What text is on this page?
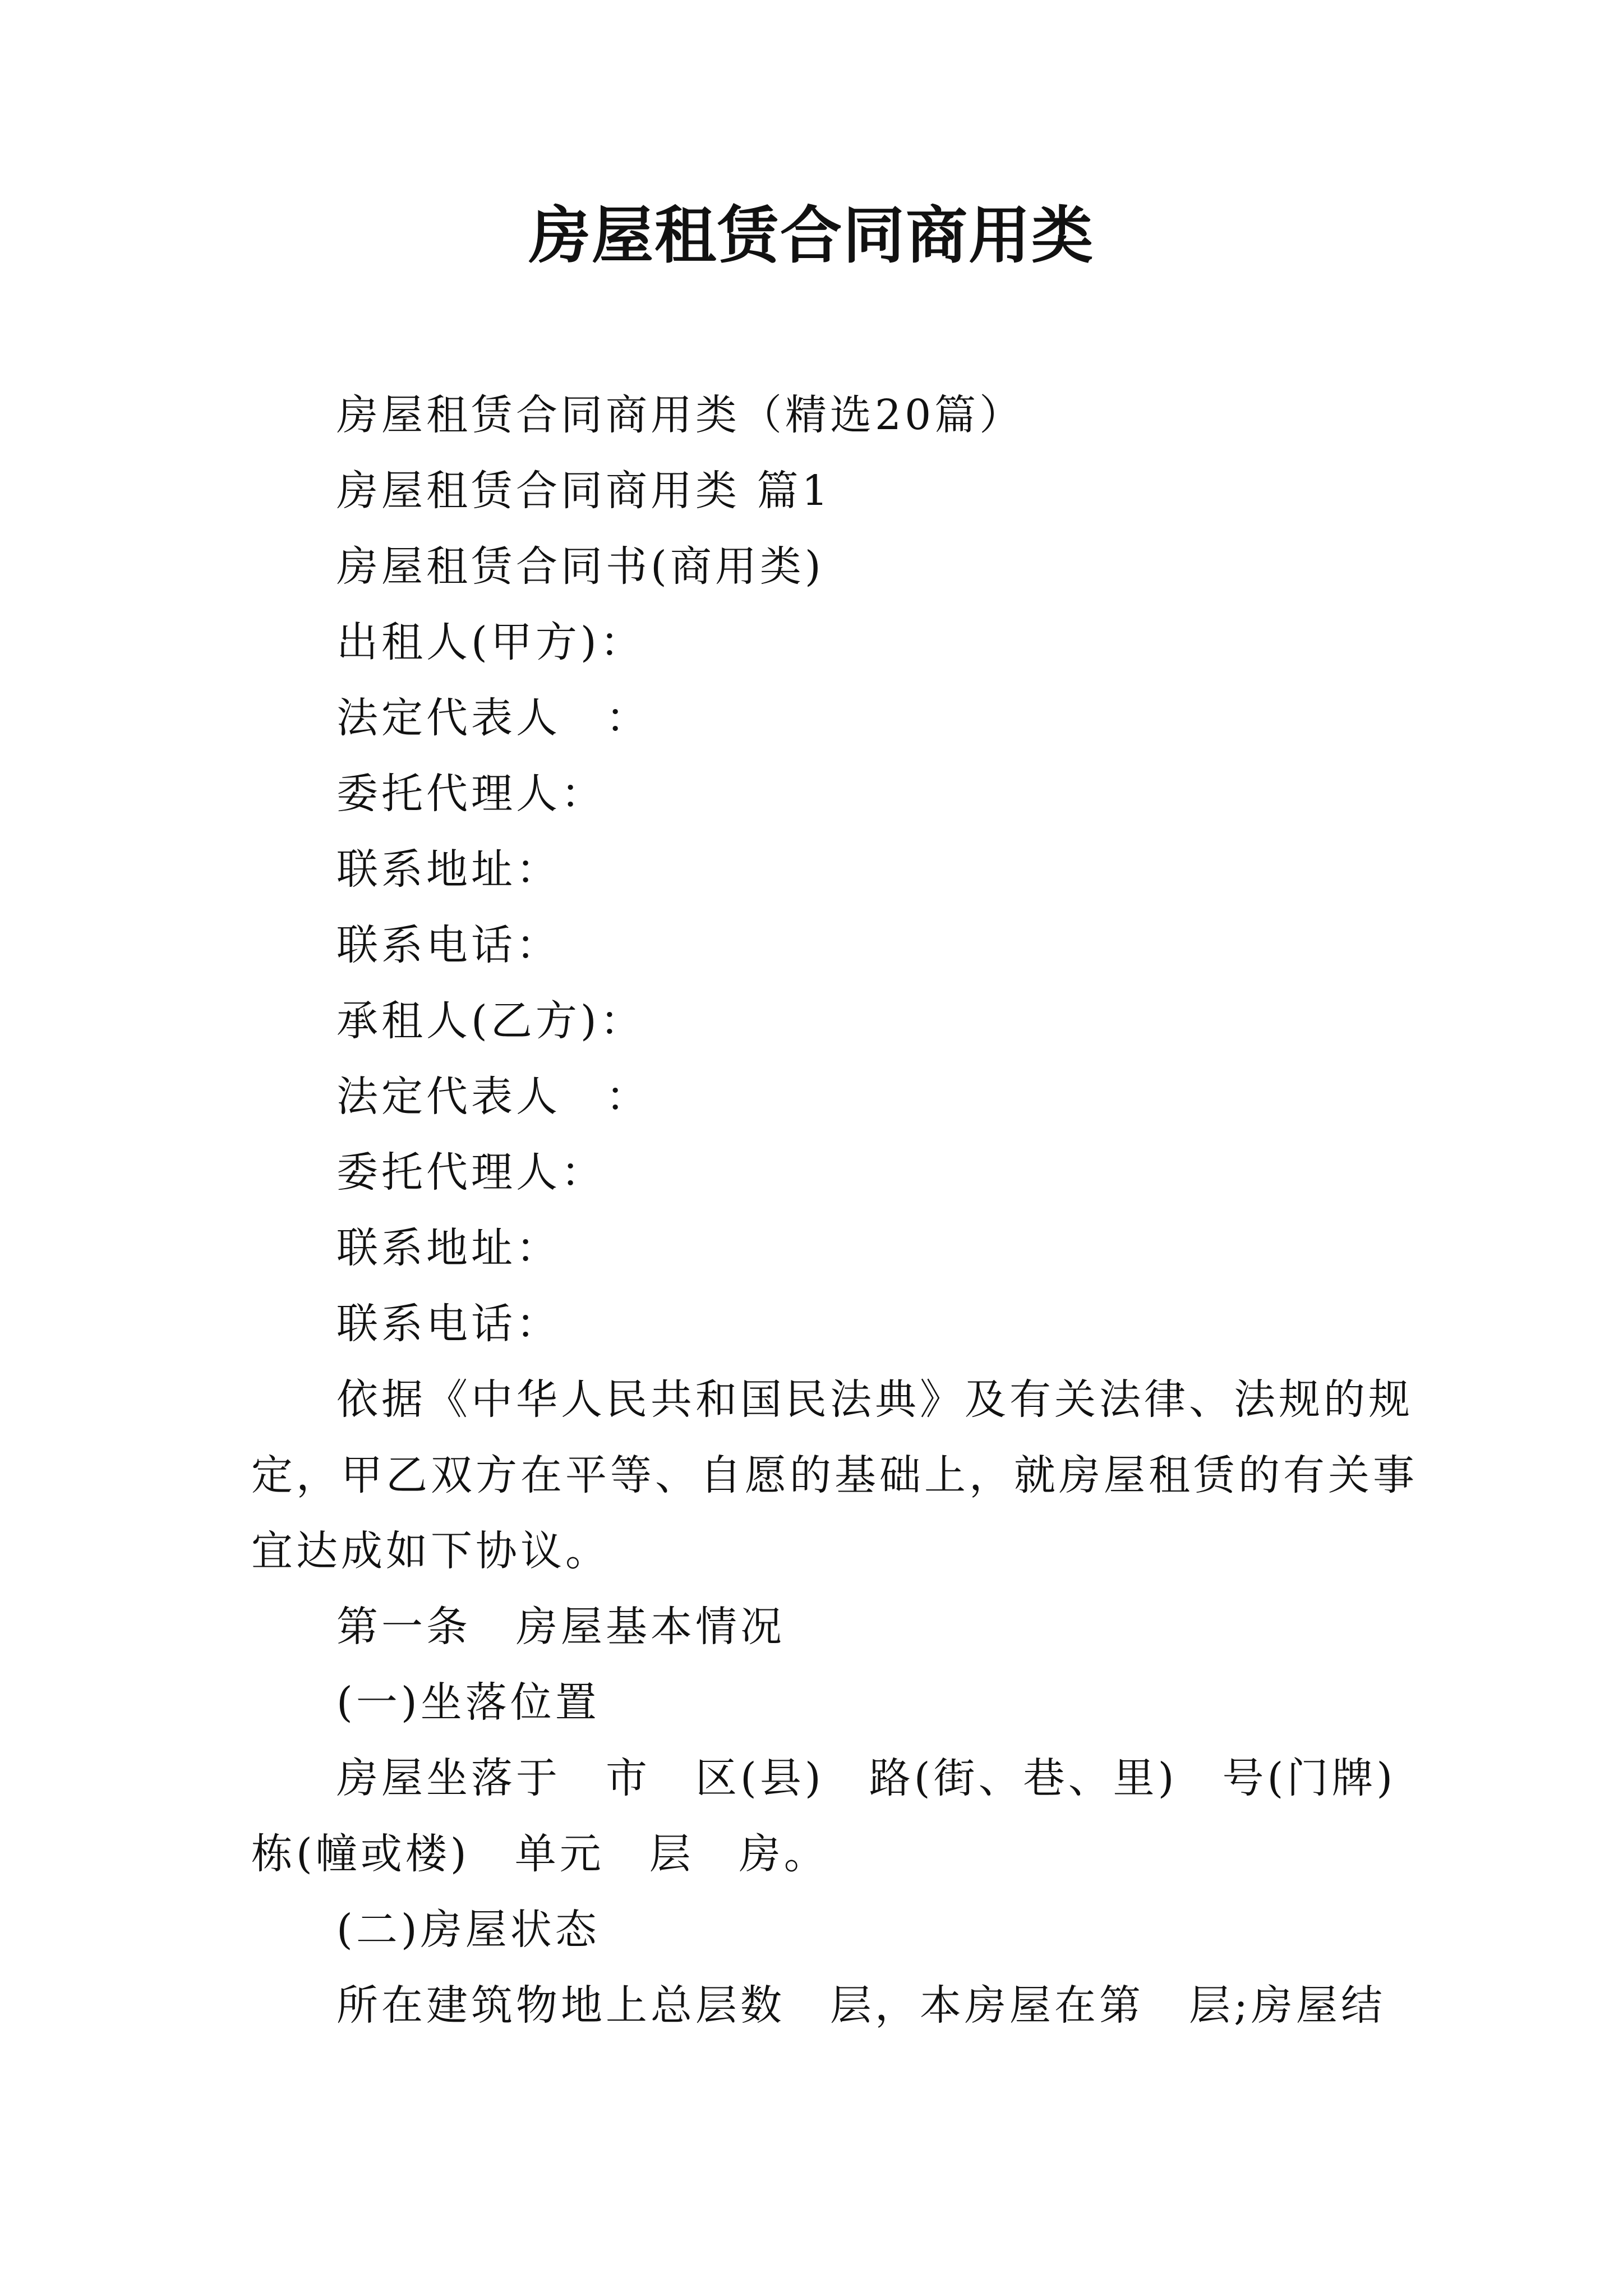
房屋租赁合同商用类
房屋租赁合同商用类（精选20篇）
房屋租赁合同商用类 篇1
房屋租赁合同书(商用类)
出租人(甲方)：
法定代表人　：
委托代理人：
联系地址：
联系电话：
承租人(乙方)：
法定代表人　：
委托代理人：
联系地址：
联系电话：
依据《中华人民共和国民法典》及有关法律、法规的规
定，甲乙双方在平等、自愿的基础上，就房屋租赁的有关事
宜达成如下协议。
第一条　房屋基本情况
(一)坐落位置
房屋坐落于　市　区(县)　路(街、巷、里)　号(门牌)
栋(幢或楼)　单元　层　房。
(二)房屋状态
所在建筑物地上总层数　层，本房屋在第　层;房屋结
